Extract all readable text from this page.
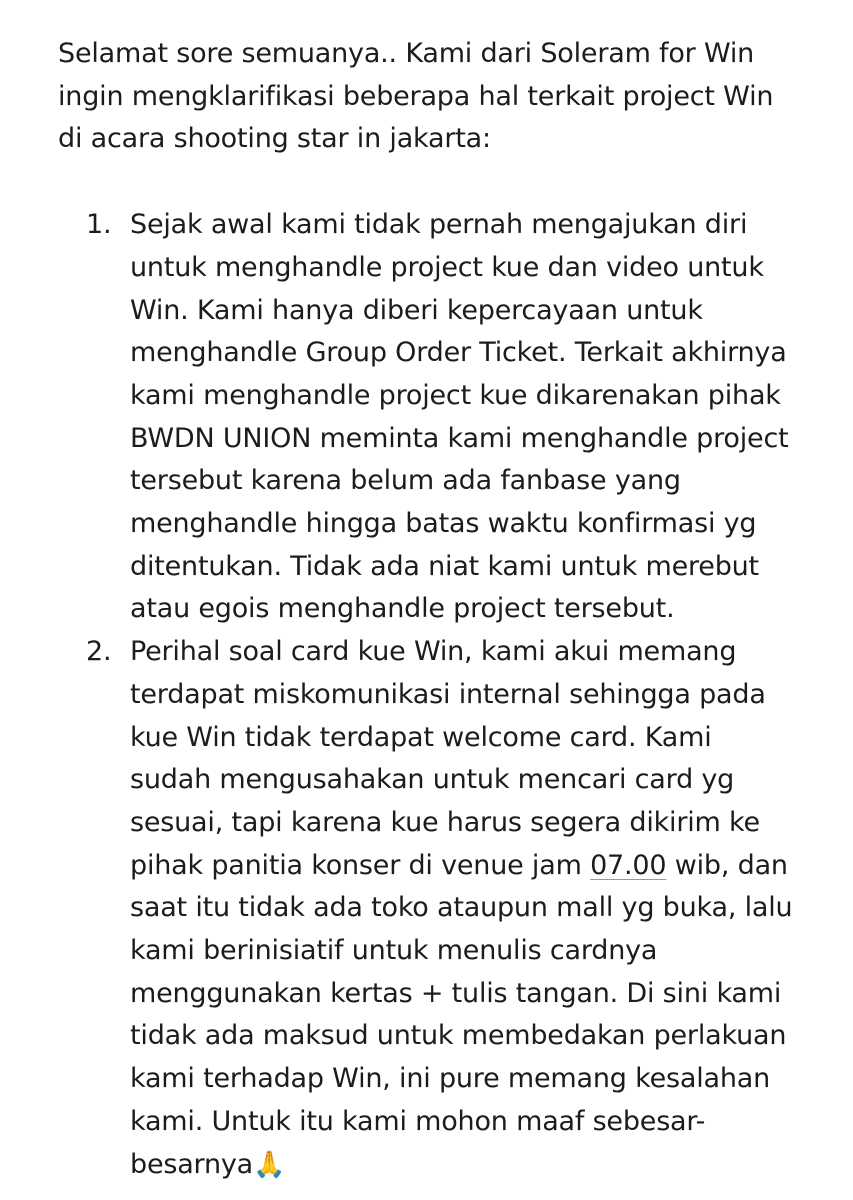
Selamat sore semuanya.. Kami dari Soleram for Win
ingin mengklarifikasi beberapa hal terkait project Win
di acara shooting star in jakarta:

1. Sejak awal kami tidak pernah mengajukan diri
untuk menghandle project kue dan video untuk
Win. Kami hanya diberi kepercayaan untuk
menghandle Group Order Ticket. Terkait akhirnya
kami menghandle project kue dikarenakan pihak
BWDN UNION meminta kami menghandle project
tersebut karena belum ada fanbase yang
menghandle hingga batas waktu konfirmasi yg
ditentukan. Tidak ada niat kami untuk merebut
atau egois menghandle project tersebut.
2. Perihal soal card kue Win, kami akui memang
terdapat miskomunikasi internal sehingga pada
kue Win tidak terdapat welcome card. Kami
sudah mengusahakan untuk mencari card yg
sesuai, tapi karena kue harus segera dikirim ke
pihak panitia konser di venue jam 07.00 wib, dan
saat itu tidak ada toko ataupun mall yg buka, lalu
kami berinisiatif untuk menulis cardnya
menggunakan kertas + tulis tangan. Di sini kami
tidak ada maksud untuk membedakan perlakuan
kami terhadap Win, ini pure memang kesalahan
kami. Untuk itu kami mohon maaf sebesar-
besarnya🙏
